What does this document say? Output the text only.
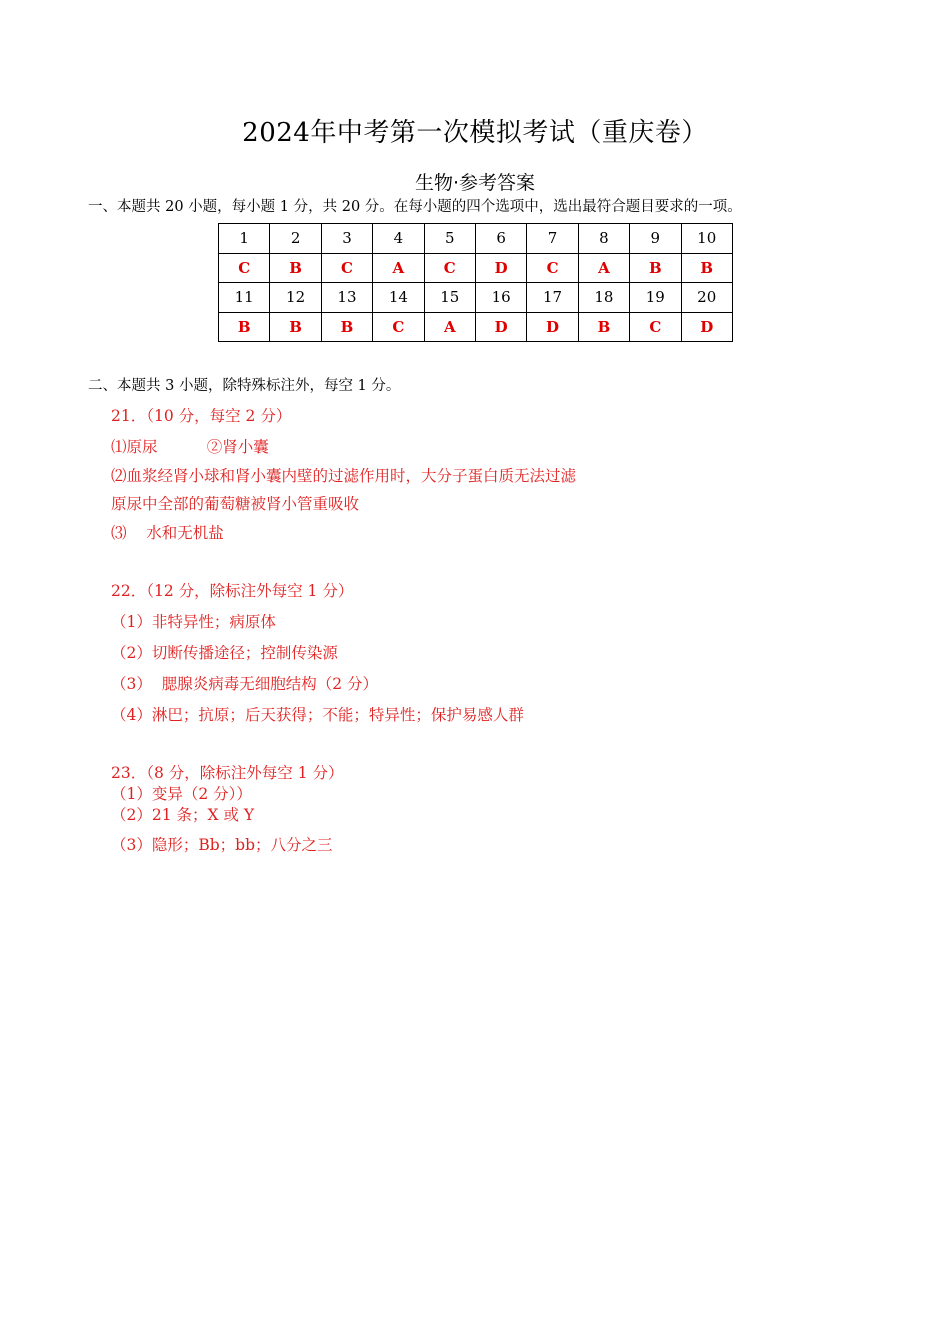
2024年中考第一次模拟考试（重庆卷）
生物·参考答案
一、本题共 20 小题，每小题 1 分，共 20 分。在每小题的四个选项中，选出最符合题目要求的一项。
1	2	3	4	5	6	7	8	9	10
C	B	C	A	C	D	C	A	B	B
11	12	13	14	15	16	17	18	19	20
B	B	B	C	A	D	D	B	C	D
二、本题共 3 小题，除特殊标注外，每空 1 分。
21．（10 分，每空 2 分）
⑴原尿          ②肾小囊
⑵血浆经肾小球和肾小囊内壁的过滤作用时，大分子蛋白质无法过滤
原尿中全部的葡萄糖被肾小管重吸收
⑶    水和无机盐
22．（12 分，除标注外每空 1 分）
（1）非特异性；病原体
（2）切断传播途径；控制传染源
（3）  腮腺炎病毒无细胞结构（2 分）
（4）淋巴；抗原；后天获得；不能；特异性；保护易感人群
23．（8 分，除标注外每空 1 分）
（1）变异（2 分））
（2）21 条；X 或 Y
（3）隐形；Bb；bb；八分之三
